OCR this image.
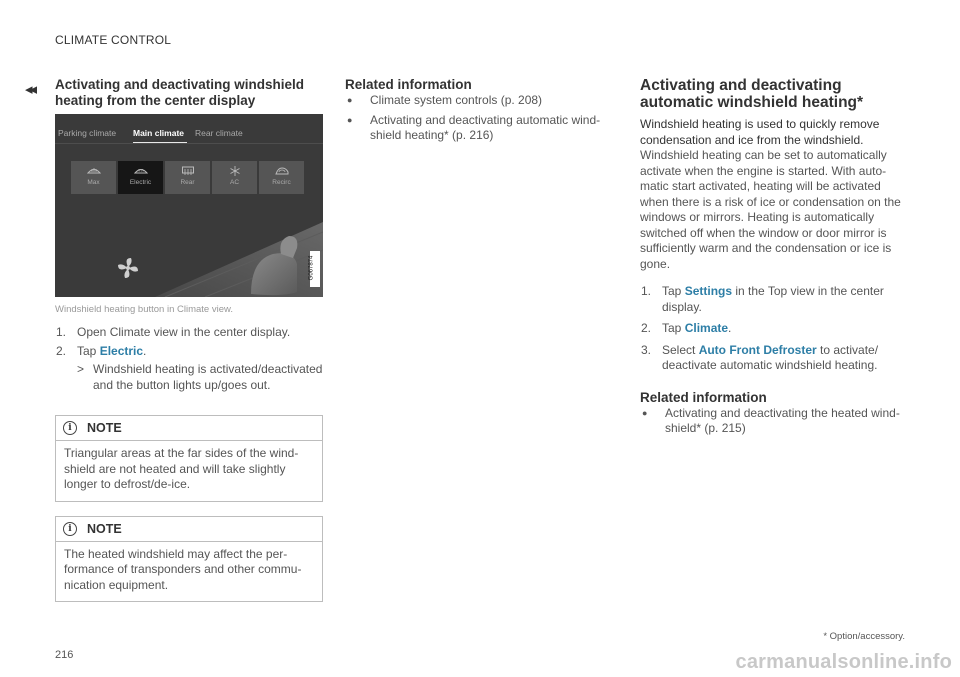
CLIMATE CONTROL
◂◂ Activating and deactivating windshield heating from the center display
Parking climate Main climate Rear climate
Max	Electric	Rear	AC	Recirc
G067874
Windshield heating button in Climate view.
1. Open Climate view in the center display.
2. Tap Electric.

> Windshield heating is activated/deactivated and the button lights up/goes out.

i	NOTE

Triangular areas at the far sides of the windshield are not heated and will take slightly longer to defrost/de-ice.

i	NOTE

The heated windshield may affect the performance of transponders and other communication equipment.

Related information
● Climate system controls (p. 208)
● Activating and deactivating automatic windshield heating* (p. 216)
Activating and deactivating automatic windshield heating*

Windshield heating is used to quickly remove condensation and ice from the windshield.

Windshield heating can be set to automatically activate when the engine is started. With automatic start activated, heating will be activated when there is a risk of ice or condensation on the windows or mirrors. Heating is automatically switched off when the window or door mirror is sufficiently warm and the condensation or ice is gone.

1. Tap Settings in the Top view in the center display.
2. Tap Climate.
3. Select Auto Front Defroster to activate/ deactivate automatic windshield heating.
Related information
● Activating and deactivating the heated windshield* (p. 215)
* Option/accessory.
216	carmanualsonline.info
